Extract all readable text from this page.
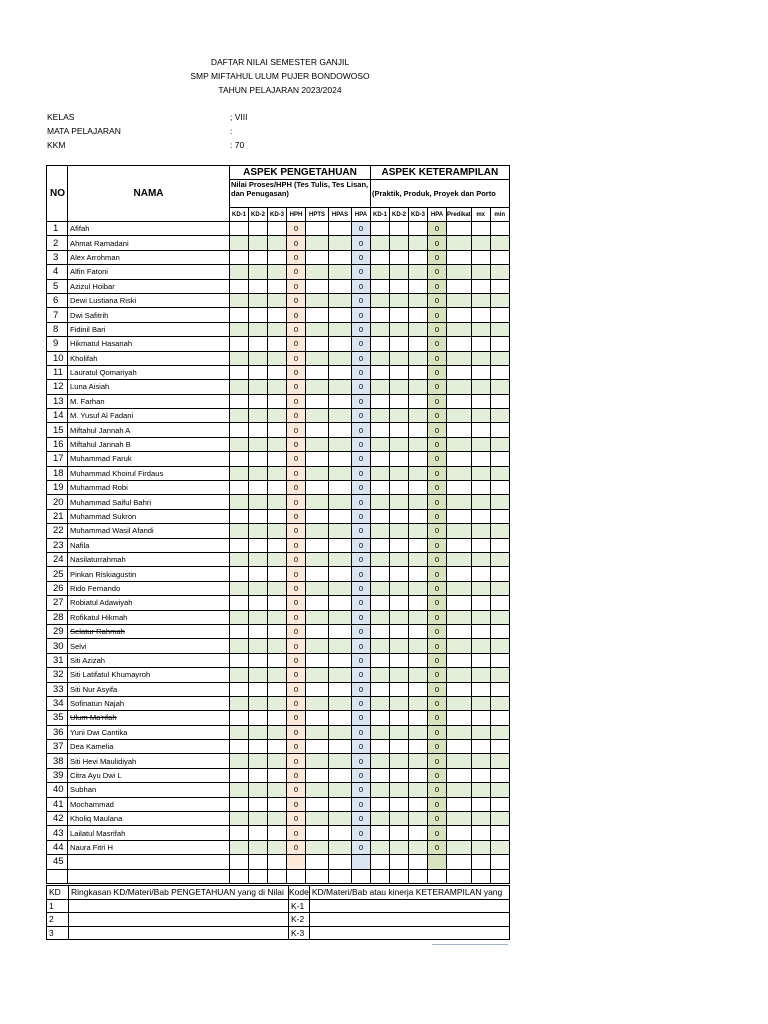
DAFTAR NILAI SEMESTER GANJIL
SMP MIFTAHUL ULUM PUJER BONDOWOSO
TAHUN PELAJARAN 2023/2024
KELAS	; VIII
MATA PELAJARAN	:
KKM	: 70
NO	NAMA	ASPEK PENGETAHUAN							ASPEK KETERAMPILAN						
		Nilai Proses/HPH (Tes Tulis, Tes Lisan, dan Penugasan)							(Praktik, Produk, Proyek dan Porto						
		KD-1	KD-2	KD-3	HPH	HPTS	HPAS	HPA	KD-1	KD-2	KD-3	HPA	Predikat	mx	min
1	Afifah				0			0				0			
2	Ahmat Ramadani				0			0				0			
3	Alex Arrohman				0			0				0			
4	Alfin Fatoni				0			0				0			
5	Azizul Hoibar				0			0				0			
6	Dewi Lustiana Riski				0			0				0			
7	Dwi Safitrih				0			0				0			
8	Fidinil Bari				0			0				0			
9	Hikmatul Hasanah				0			0				0			
10	Kholifah				0			0				0			
11	Lauratul Qomariyah				0			0				0			
12	Luna Aisiah				0			0				0			
13	M. Farhan				0			0				0			
14	M. Yusuf Al Fadani				0			0				0			
15	Miftahul Jannah A				0			0				0			
16	Miftahul Jannah B				0			0				0			
17	Muhammad Faruk				0			0				0			
18	Muhammad Khoirul Firdaus				0			0				0			
19	Muhammad Robi				0			0				0			
20	Muhammad Saiful Bahri				0			0				0			
21	Muhammad Sukron				0			0				0			
22	Muhammad Wasil Afandi				0			0				0			
23	Nafila				0			0				0			
24	Nasilaturrahmah				0			0				0			
25	Pinkan Riskiagustin				0			0				0			
26	Rido Fernando				0			0				0			
27	Robiatul Adawiyah				0			0				0			
28	Rofikatul Hikmah				0			0				0			
29	Selatur Rahmah				0			0				0			
30	Selvi				0			0				0			
31	Siti Azizah				0			0				0			
32	Siti Latifatul Khumayroh				0			0				0			
33	Siti Nur Asyifa				0			0				0			
34	Sofinatun Najah				0			0				0			
35	Ulum Ma'rifah				0			0				0			
36	Yuni Dwi Cantika				0			0				0			
37	Dea Kamelia				0			0				0			
38	Siti Hevi Maulidiyah				0			0				0			
39	Citra Ayu Dwi L				0			0				0			
40	Subhan				0			0				0			
41	Mochammad				0			0				0			
42	Kholiq Maulana				0			0				0			
43	Lailatul Masrifah				0			0				0			
44	Naura Fitri H				0			0				0			
45															

KD	Ringkasan KD/Materi/Bab PENGETAHUAN yang di Nilai	Kode	KD/Materi/Bab atau kinerja KETERAMPILAN yang
1		K-1	
2		K-2	
3		K-3	
